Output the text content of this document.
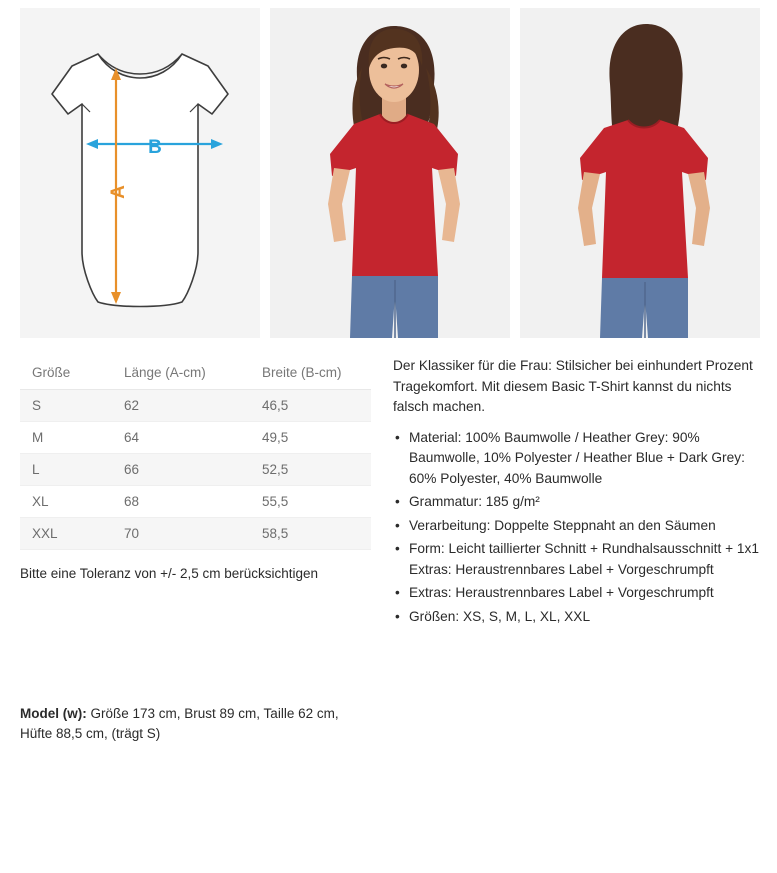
B
A
Größe	Länge (A-cm)	Breite (B-cm)
S	62	46,5
M	64	49,5
L	66	52,5
XL	68	55,5
XXL	70	58,5
Bitte eine Toleranz von +/- 2,5 cm berücksichtigen
Model (w): Größe 173 cm, Brust 89 cm, Taille 62 cm, Hüfte 88,5 cm, (trägt S)

Der Klassiker für die Frau: Stilsicher bei einhundert Prozent Tragekomfort. Mit diesem Basic T-Shirt kannst du nichts falsch machen.

• Material: 100% Baumwolle / Heather Grey: 90% Baumwolle, 10% Polyester / Heather Blue + Dark Grey: 60% Polyester, 40% Baumwolle
• Grammatur: 185 g/m²
• Verarbeitung: Doppelte Steppnaht an den Säumen
• Form: Leicht taillierter Schnitt + Rundhalsausschnitt + 1x1 Extras: Heraustrennbares Label + Vorgeschrumpft
• Extras: Heraustrennbares Label + Vorgeschrumpft
• Größen: XS, S, M, L, XL, XXL
